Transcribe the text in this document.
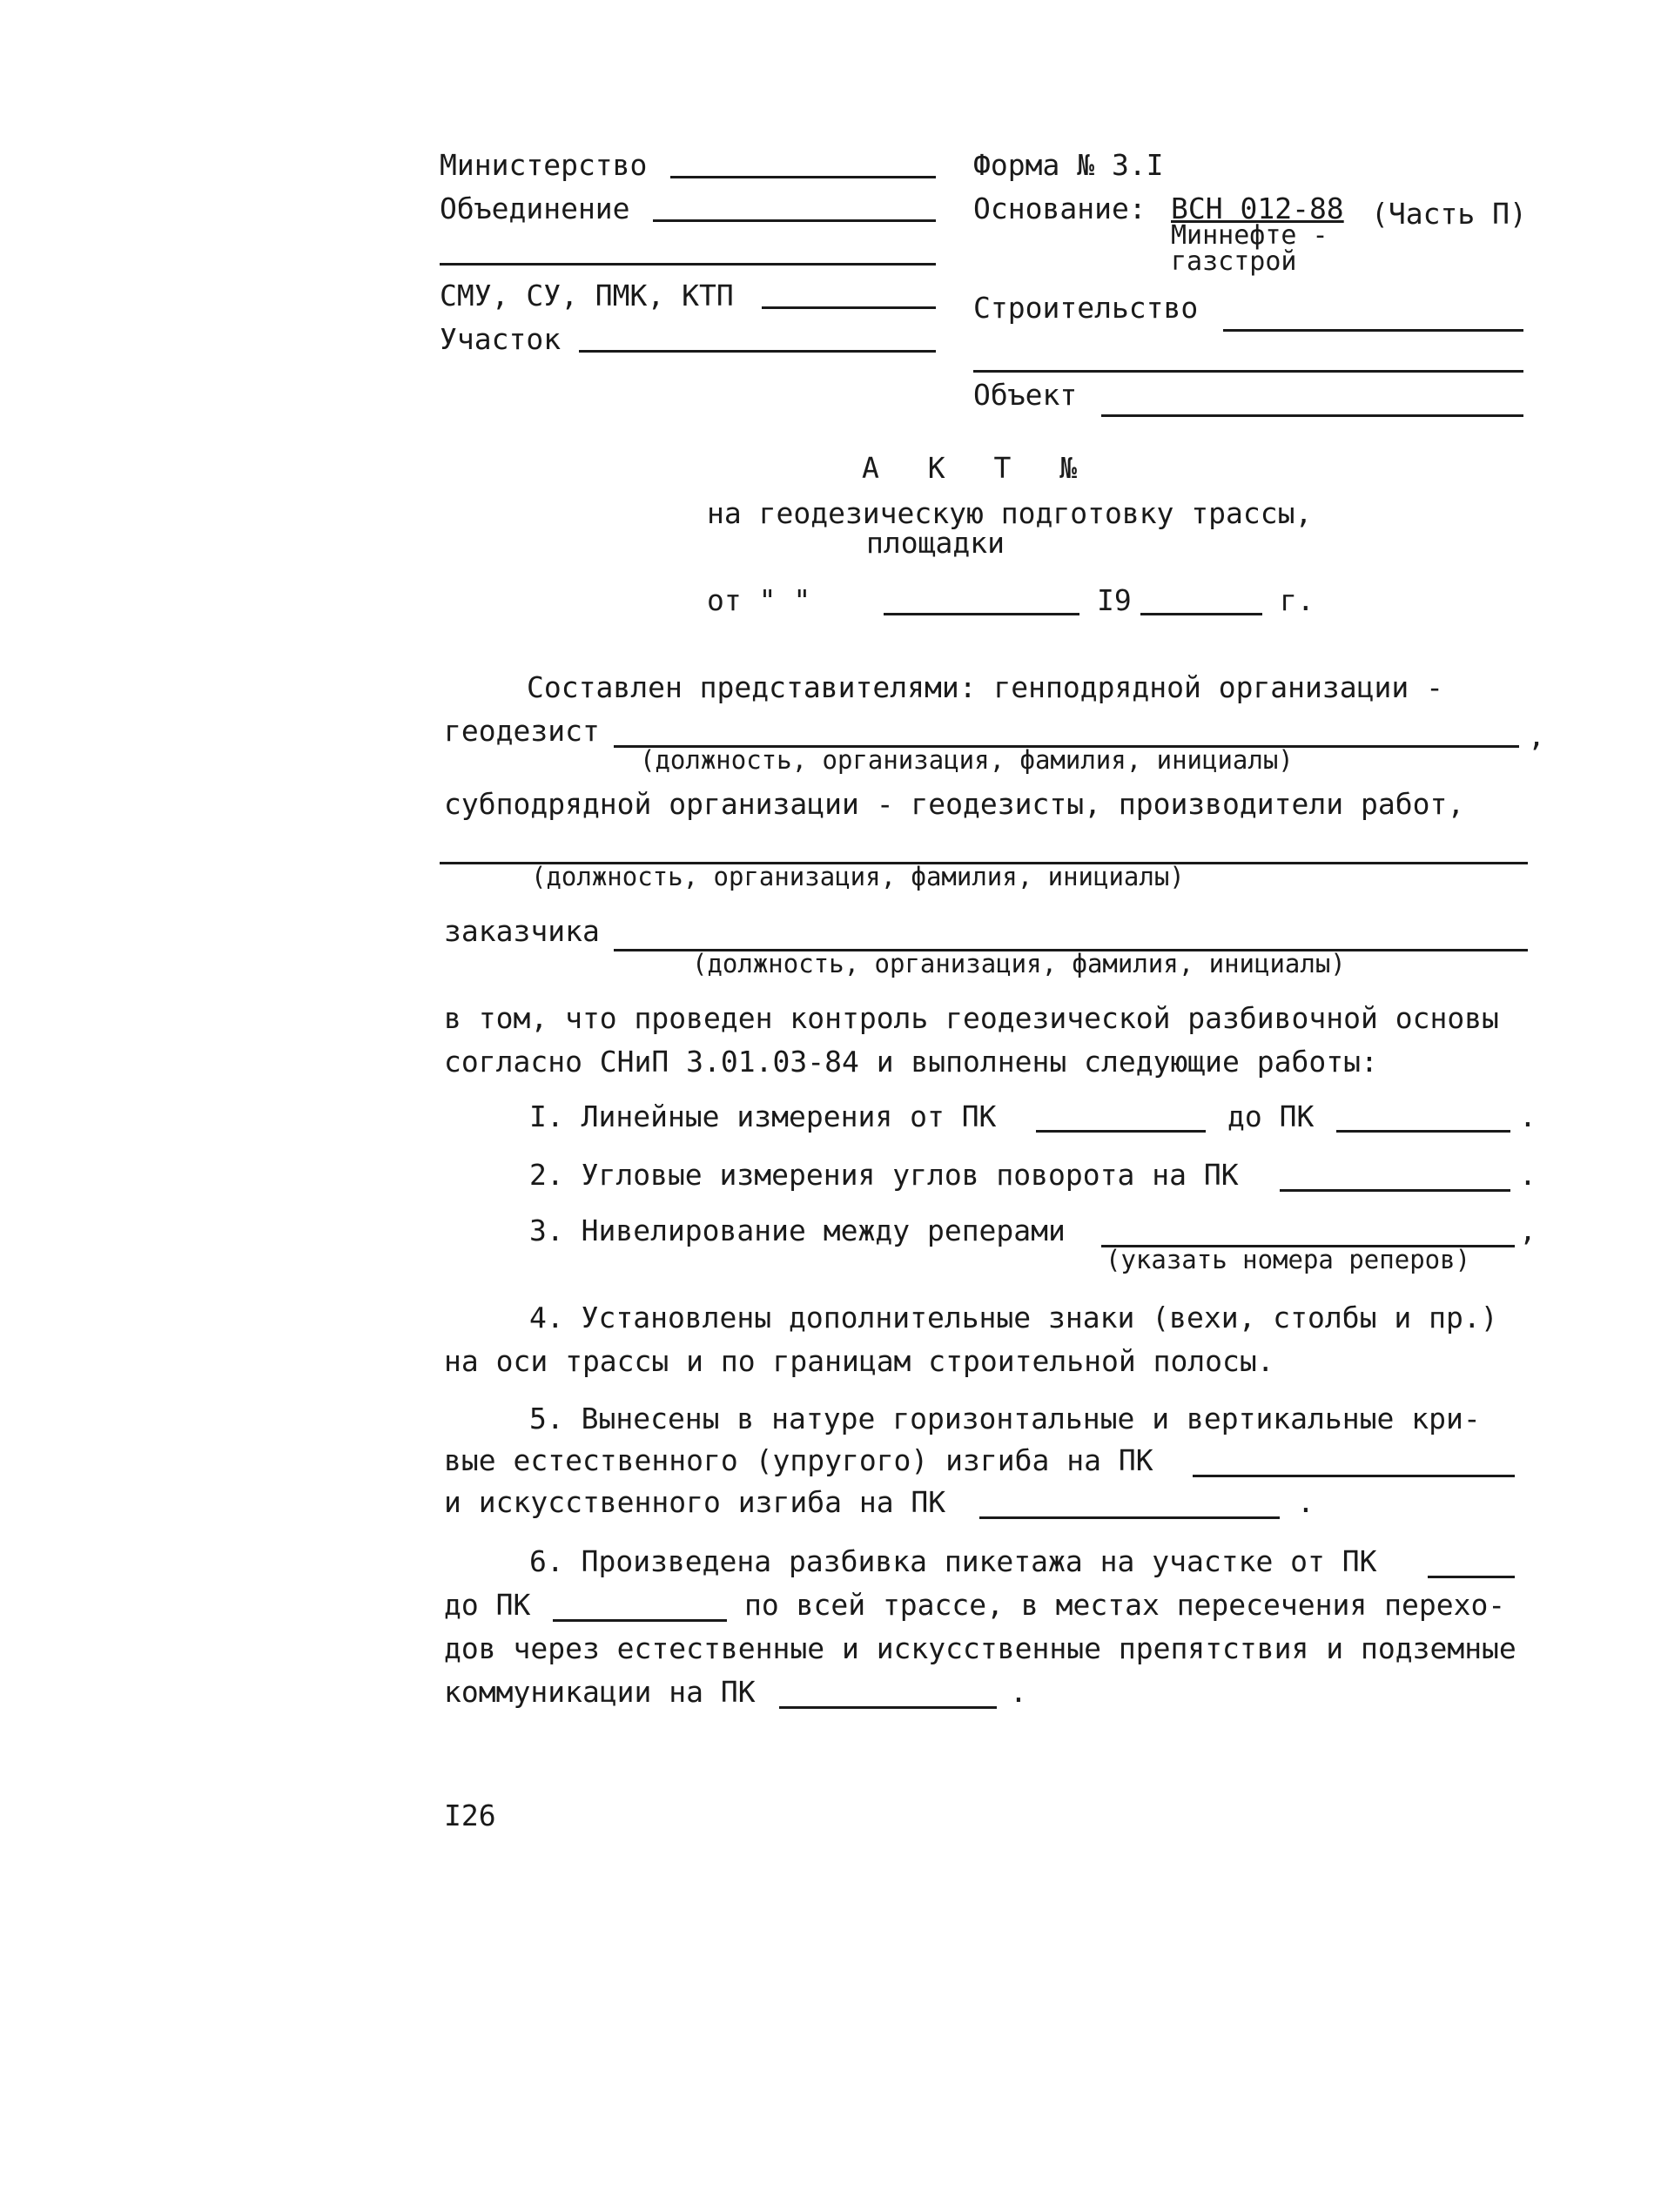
Министерство
Объединение
СМУ, СУ, ПМК, КТП
Участок
Форма № 3.I
Основание: ВСН 012-88 (Часть П)
Миннефте -
газстрой
Строительство
Объект
А К Т №
на геодезическую подготовку трассы,
площадки
от " "	I9	г.
Составлен представителями: генподрядной организации -
геодезист	,
(должность, организация, фамилия, инициалы)
субподрядной организации - геодезисты, производители работ,
(должность, организация, фамилия, инициалы)
заказчика
(должность, организация, фамилия, инициалы)
в том, что проведен контроль геодезической разбивочной основы
согласно СНиП 3.01.03-84 и выполнены следующие работы:
I. Линейные измерения от ПК	до ПК	.
2. Угловые измерения углов поворота на ПК	.
3. Нивелирование между реперами	,
(указать номера реперов)
4. Установлены дополнительные знаки (вехи, столбы и пр.)
на оси трассы и по границам строительной полосы.
5. Вынесены в натуре горизонтальные и вертикальные кри-
вые естественного (упругого) изгиба на ПК
и искусственного изгиба на ПК	.
6. Произведена разбивка пикетажа на участке от ПК
до ПК	по всей трассе, в местах пересечения перехо-
дов через естественные и искусственные препятствия и подземные
коммуникации на ПК	.
I26
